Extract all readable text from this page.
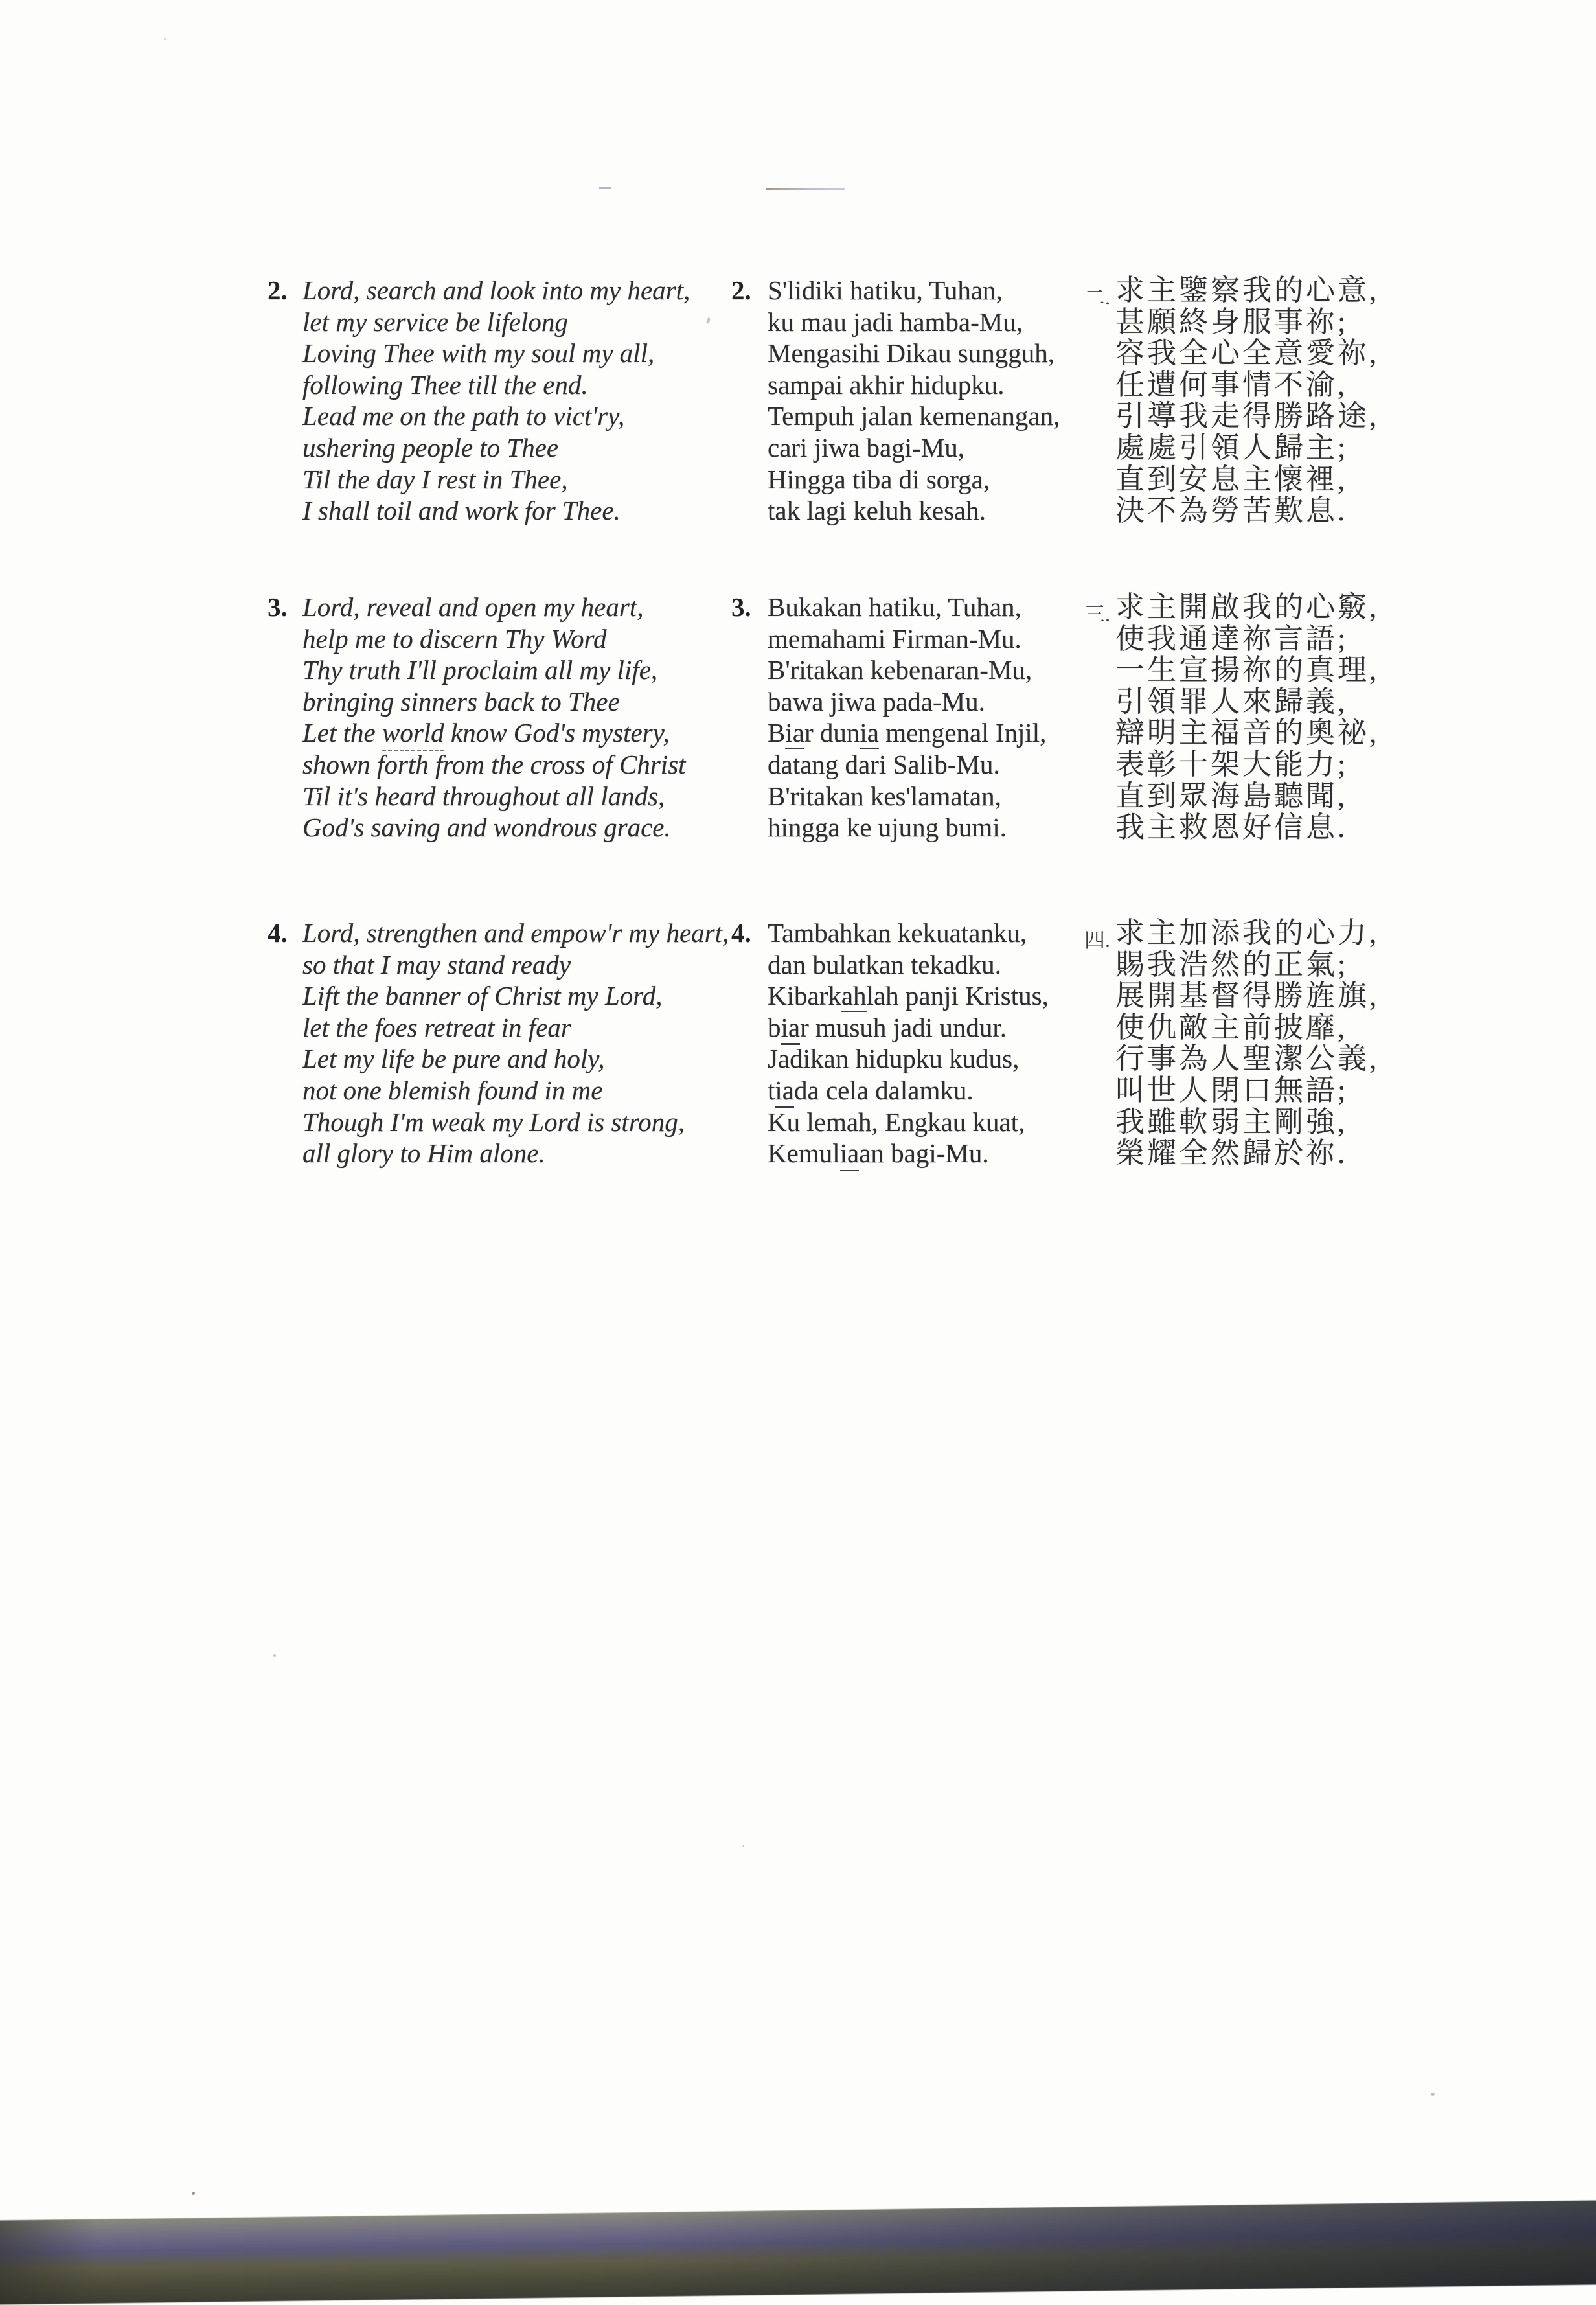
2. Lord, search and look into my heart,
let my service be lifelong
Loving Thee with my soul my all,
following Thee till the end.
Lead me on the path to vict'ry,
ushering people to Thee
Til the day I rest in Thee,
I shall toil and work for Thee.
2. S'lidiki hatiku, Tuhan,
ku mau jadi hamba-Mu,
Mengasihi Dikau sungguh,
sampai akhir hidupku.
Tempuh jalan kemenangan,
cari jiwa bagi-Mu,
Hingga tiba di sorga,
tak lagi keluh kesah.
二. 求主鑒察我的心意,
甚願終身服事祢;
容我全心全意愛祢,
任遭何事情不渝,
引導我走得勝路途,
處處引領人歸主;
直到安息主懷裡,
決不為勞苦歎息.
3. Lord, reveal and open my heart,
help me to discern Thy Word
Thy truth I'll proclaim all my life,
bringing sinners back to Thee
Let the world know God's mystery,
shown forth from the cross of Christ
Til it's heard throughout all lands,
God's saving and wondrous grace.
3. Bukakan hatiku, Tuhan,
memahami Firman-Mu.
B'ritakan kebenaran-Mu,
bawa jiwa pada-Mu.
Biar dunia mengenal Injil,
datang dari Salib-Mu.
B'ritakan kes'lamatan,
hingga ke ujung bumi.
三. 求主開啟我的心竅,
使我通達祢言語;
一生宣揚祢的真理,
引領罪人來歸義,
辯明主福音的奧祕,
表彰十架大能力;
直到眾海島聽聞,
我主救恩好信息.
4. Lord, strengthen and empow'r my heart,
so that I may stand ready
Lift the banner of Christ my Lord,
let the foes retreat in fear
Let my life be pure and holy,
not one blemish found in me
Though I'm weak my Lord is strong,
all glory to Him alone.
4. Tambahkan kekuatanku,
dan bulatkan tekadku.
Kibarkahlah panji Kristus,
biar musuh jadi undur.
Jadikan hidupku kudus,
tiada cela dalamku.
Ku lemah, Engkau kuat,
Kemuliaan bagi-Mu.
四. 求主加添我的心力,
賜我浩然的正氣;
展開基督得勝旌旗,
使仇敵主前披靡,
行事為人聖潔公義,
叫世人閉口無語;
我雖軟弱主剛強,
榮耀全然歸於祢.
